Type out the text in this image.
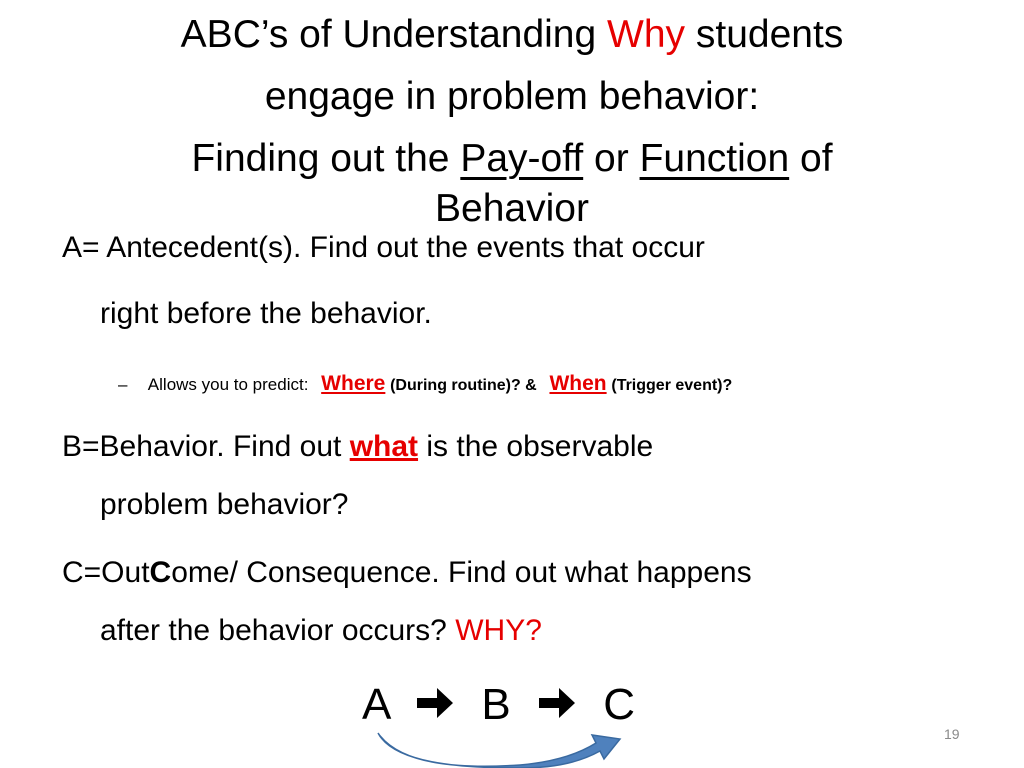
ABC’s of Understanding Why students
engage in problem behavior:
Finding out the Pay-off or Function of
Behavior
A= Antecedent(s). Find out the events that occur
right before the behavior.
– Allows you to predict: Where (During routine)? & When (Trigger event)?
B=Behavior. Find out what is the observable
problem behavior?
C=OutCome/ Consequence. Find out what happens
after the behavior occurs? WHY?
A B C
19
